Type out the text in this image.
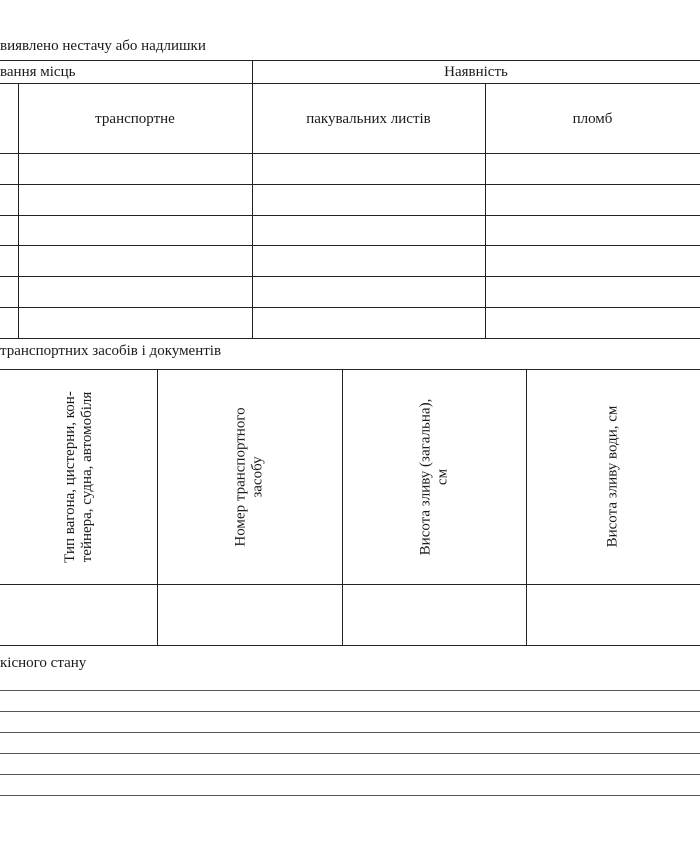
виявлено нестачу або надлишки
вання місць	Наявність
транспортне	пакувальних листів	пломб
транспортних засобів і документів
Тип вагона, цистерни, кон- тейнера, судна, автомобіля	Номер транспортного засобу	Висота зливу (загальна), см	Висота зливу води, см
кісного стану
